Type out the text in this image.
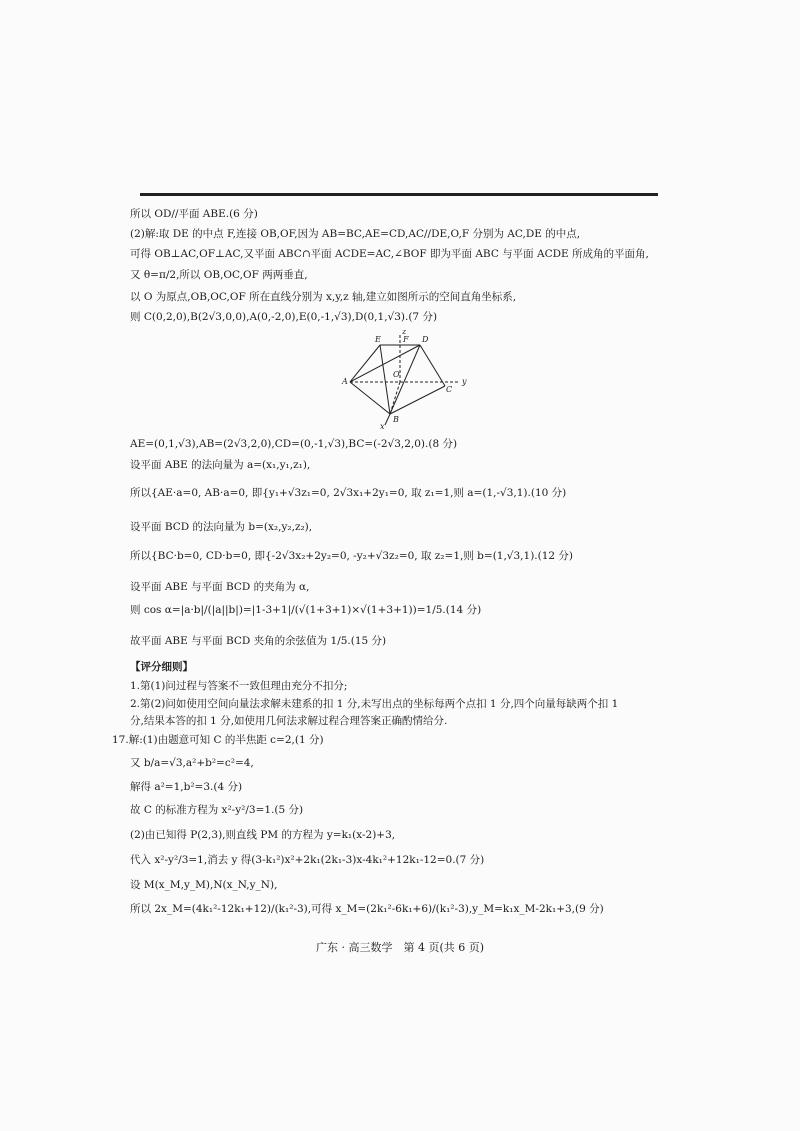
所以 OD//平面 ABE.(6 分)
(2)解:取 DE 的中点 F,连接 OB,OF,因为 AB=BC,AE=CD,AC//DE,O,F 分别为 AC,DE 的中点,
可得 OB⊥AC,OF⊥AC,又平面 ABC∩平面 ACDE=AC,∠BOF 即为平面 ABC 与平面 ACDE 所成角的平面角,
又 θ=π/2,所以 OB,OC,OF 两两垂直,
以 O 为原点,OB,OC,OF 所在直线分别为 x,y,z 轴,建立如图所示的空间直角坐标系,
则 C(0,2,0),B(2√3,0,0),A(0,-2,0),E(0,-1,√3),D(0,1,√3).(7 分)
E	F D
z
O
A
C
y
B
x
AE=(0,1,√3),AB=(2√3,2,0),CD=(0,-1,√3),BC=(-2√3,2,0).(8 分)
设平面 ABE 的法向量为 a=(x₁,y₁,z₁),
所以{AE·a=0, AB·a=0, 即{y₁+√3z₁=0, 2√3x₁+2y₁=0, 取 z₁=1,则 a=(1,-√3,1).(10 分)
设平面 BCD 的法向量为 b=(x₂,y₂,z₂),
所以{BC·b=0, CD·b=0, 即{-2√3x₂+2y₂=0, -y₂+√3z₂=0, 取 z₂=1,则 b=(1,√3,1).(12 分)
设平面 ABE 与平面 BCD 的夹角为 α,
则 cos α=|a·b|/(|a||b|)=|1-3+1|/(√(1+3+1)×√(1+3+1))=1/5.(14 分)
故平面 ABE 与平面 BCD 夹角的余弦值为 1/5.(15 分)
【评分细则】
1.第(1)问过程与答案不一致但理由充分不扣分;
2.第(2)问如使用空间向量法求解未建系的扣 1 分,未写出点的坐标每两个点扣 1 分,四个向量每缺两个扣 1
分,结果本答的扣 1 分,如使用几何法求解过程合理答案正确酌情给分.
17.解:(1)由题意可知 C 的半焦距 c=2,(1 分)
又 b/a=√3,a²+b²=c²=4,
解得 a²=1,b²=3.(4 分)
故 C 的标准方程为 x²-y²/3=1.(5 分)
(2)由已知得 P(2,3),则直线 PM 的方程为 y=k₁(x-2)+3,
代入 x²-y²/3=1,消去 y 得(3-k₁²)x²+2k₁(2k₁-3)x-4k₁²+12k₁-12=0.(7 分)
设 M(x_M,y_M),N(x_N,y_N),
所以 2x_M=(4k₁²-12k₁+12)/(k₁²-3),可得 x_M=(2k₁²-6k₁+6)/(k₁²-3),y_M=k₁x_M-2k₁+3,(9 分)
广东 · 高三数学　第 4 页(共 6 页)
